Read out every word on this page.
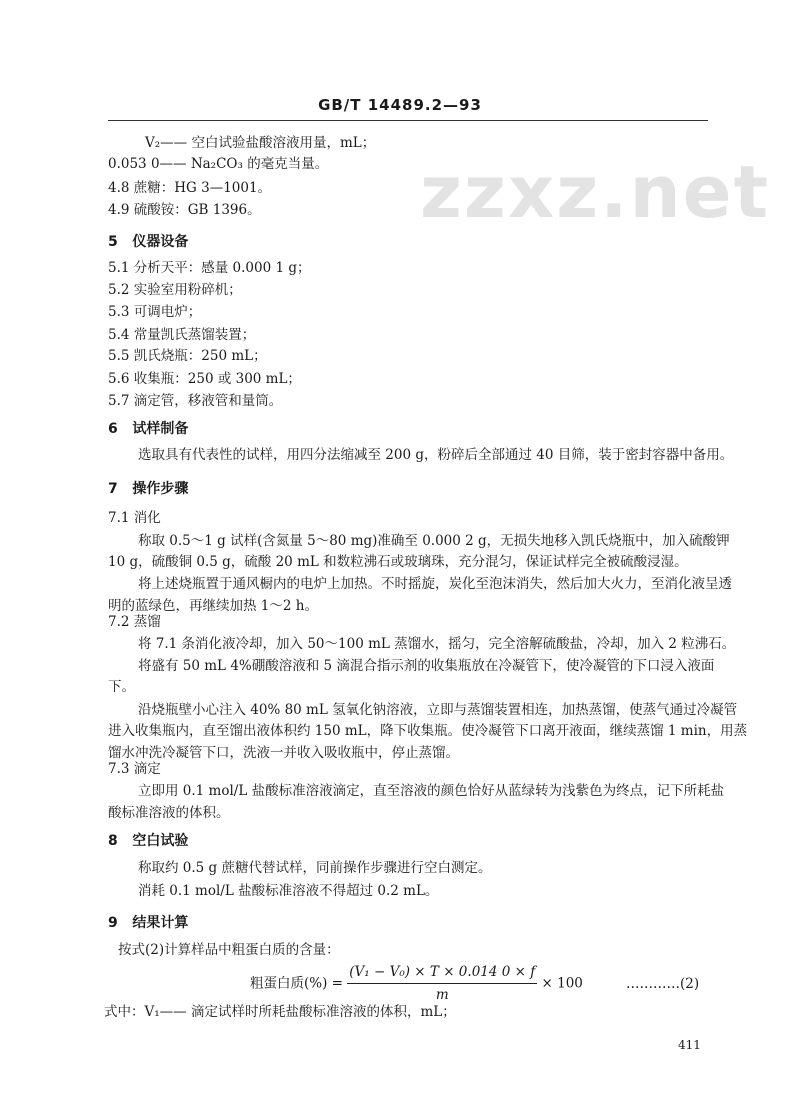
zzxz.net
GB/T 14489.2—93
V₂—— 空白试验盐酸溶液用量，mL；
0.053 0—— Na₂CO₃ 的毫克当量。
4.8 蔗糖：HG 3—1001。
4.9 硫酸铵：GB 1396。
5 仪器设备
5.1 分析天平：感量 0.000 1 g；
5.2 实验室用粉碎机；
5.3 可调电炉；
5.4 常量凯氏蒸馏装置；
5.5 凯氏烧瓶：250 mL；
5.6 收集瓶：250 或 300 mL；
5.7 滴定管，移液管和量筒。
6 试样制备
选取具有代表性的试样，用四分法缩减至 200 g，粉碎后全部通过 40 目筛，装于密封容器中备用。
7 操作步骤
7.1 消化
称取 0.5～1 g 试样(含氮量 5～80 mg)准确至 0.000 2 g，无损失地移入凯氏烧瓶中，加入硫酸钾
10 g，硫酸铜 0.5 g，硫酸 20 mL 和数粒沸石或玻璃珠，充分混匀，保证试样完全被硫酸浸湿。
将上述烧瓶置于通风橱内的电炉上加热。不时摇旋，炭化至泡沫消失，然后加大火力，至消化液呈透
明的蓝绿色，再继续加热 1～2 h。
7.2 蒸馏
将 7.1 条消化液冷却，加入 50～100 mL 蒸馏水，摇匀，完全溶解硫酸盐，冷却，加入 2 粒沸石。
将盛有 50 mL 4%硼酸溶液和 5 滴混合指示剂的收集瓶放在冷凝管下，使冷凝管的下口浸入液面
下。
沿烧瓶壁小心注入 40% 80 mL 氢氧化钠溶液，立即与蒸馏装置相连，加热蒸馏，使蒸气通过冷凝管
进入收集瓶内，直至馏出液体积约 150 mL，降下收集瓶。使冷凝管下口离开液面，继续蒸馏 1 min，用蒸
馏水冲洗冷凝管下口，洗液一并收入吸收瓶中，停止蒸馏。
7.3 滴定
立即用 0.1 mol/L 盐酸标准溶液滴定，直至溶液的颜色恰好从蓝绿转为浅紫色为终点，记下所耗盐
酸标准溶液的体积。
8 空白试验
称取约 0.5 g 蔗糖代替试样，同前操作步骤进行空白测定。
消耗 0.1 mol/L 盐酸标准溶液不得超过 0.2 mL。
9 结果计算
按式(2)计算样品中粗蛋白质的含量：
粗蛋白质(%) = $\frac{\text{(V₁ − V₀) × T × 0.014 0 × f}}{m} \times 100$	…………(2)
式中：V₁—— 滴定试样时所耗盐酸标准溶液的体积，mL；
411
